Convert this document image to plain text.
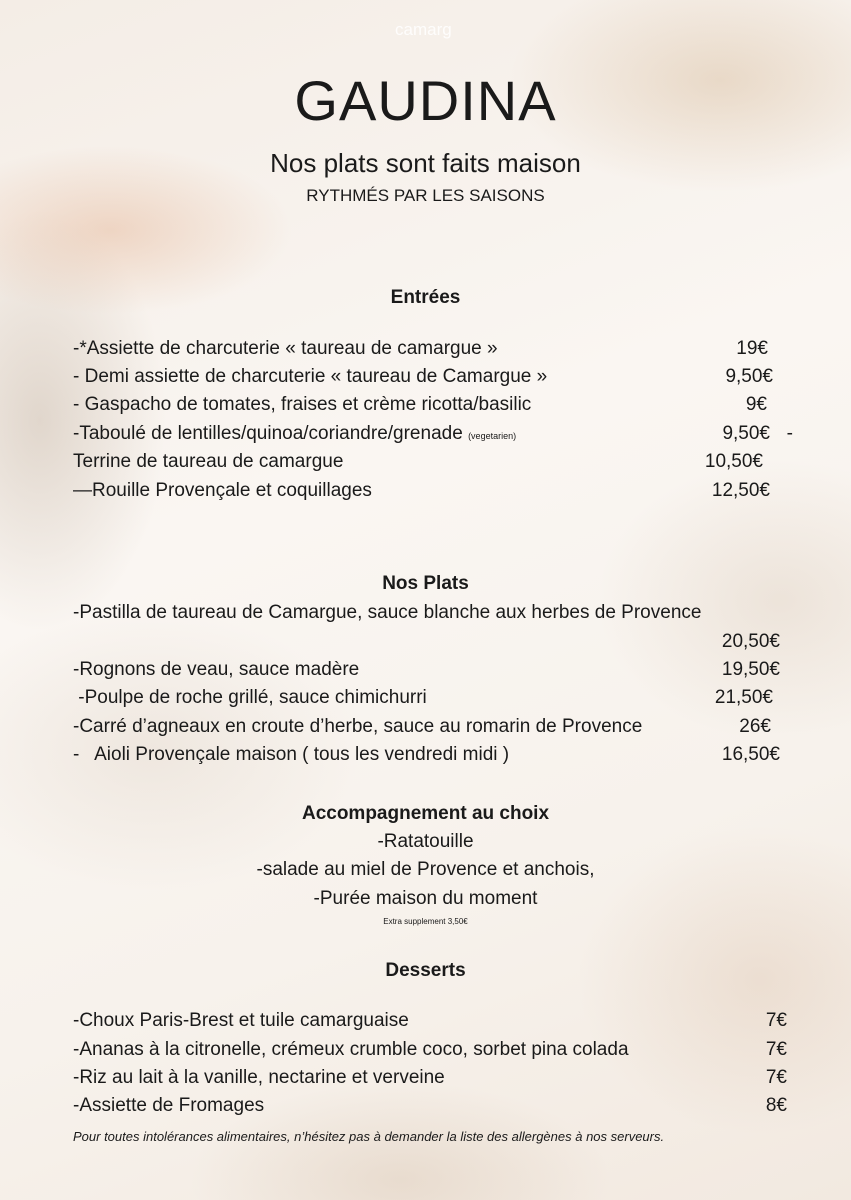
camarg
GAUDINA
Nos plats sont faits maison
RYTHMÉS PAR LES SAISONS
Entrées
-*Assiette de charcuterie « taureau de camargue »	19€
- Demi assiette de charcuterie « taureau de Camargue »	9,50€
- Gaspacho de tomates, fraises et crème ricotta/basilic	9€
-Taboulé de lentilles/quinoa/coriandre/grenade (vegetarien)	9,50€ -
Terrine de taureau de camargue	10,50€
—Rouille Provençale et coquillages	12,50€
Nos Plats
-Pastilla de taureau de Camargue, sauce blanche aux herbes de Provence
20,50€
-Rognons de veau, sauce madère	19,50€
-Poulpe de roche grillé, sauce chimichurri	21,50€
-Carré d’agneaux en croute d’herbe, sauce au romarin de Provence	26€
-   Aioli Provençale maison ( tous les vendredi midi )	16,50€
Accompagnement au choix
-Ratatouille
-salade au miel de Provence et anchois,
-Purée maison du moment
Extra supplement 3,50€
Desserts
-Choux Paris-Brest et tuile camarguaise	7€
-Ananas à la citronelle, crémeux crumble coco, sorbet pina colada	7€
-Riz au lait à la vanille, nectarine et verveine	7€
-Assiette de Fromages	8€
Pour toutes intolérances alimentaires, n’hésitez pas à demander la liste des allergènes à nos serveurs.
